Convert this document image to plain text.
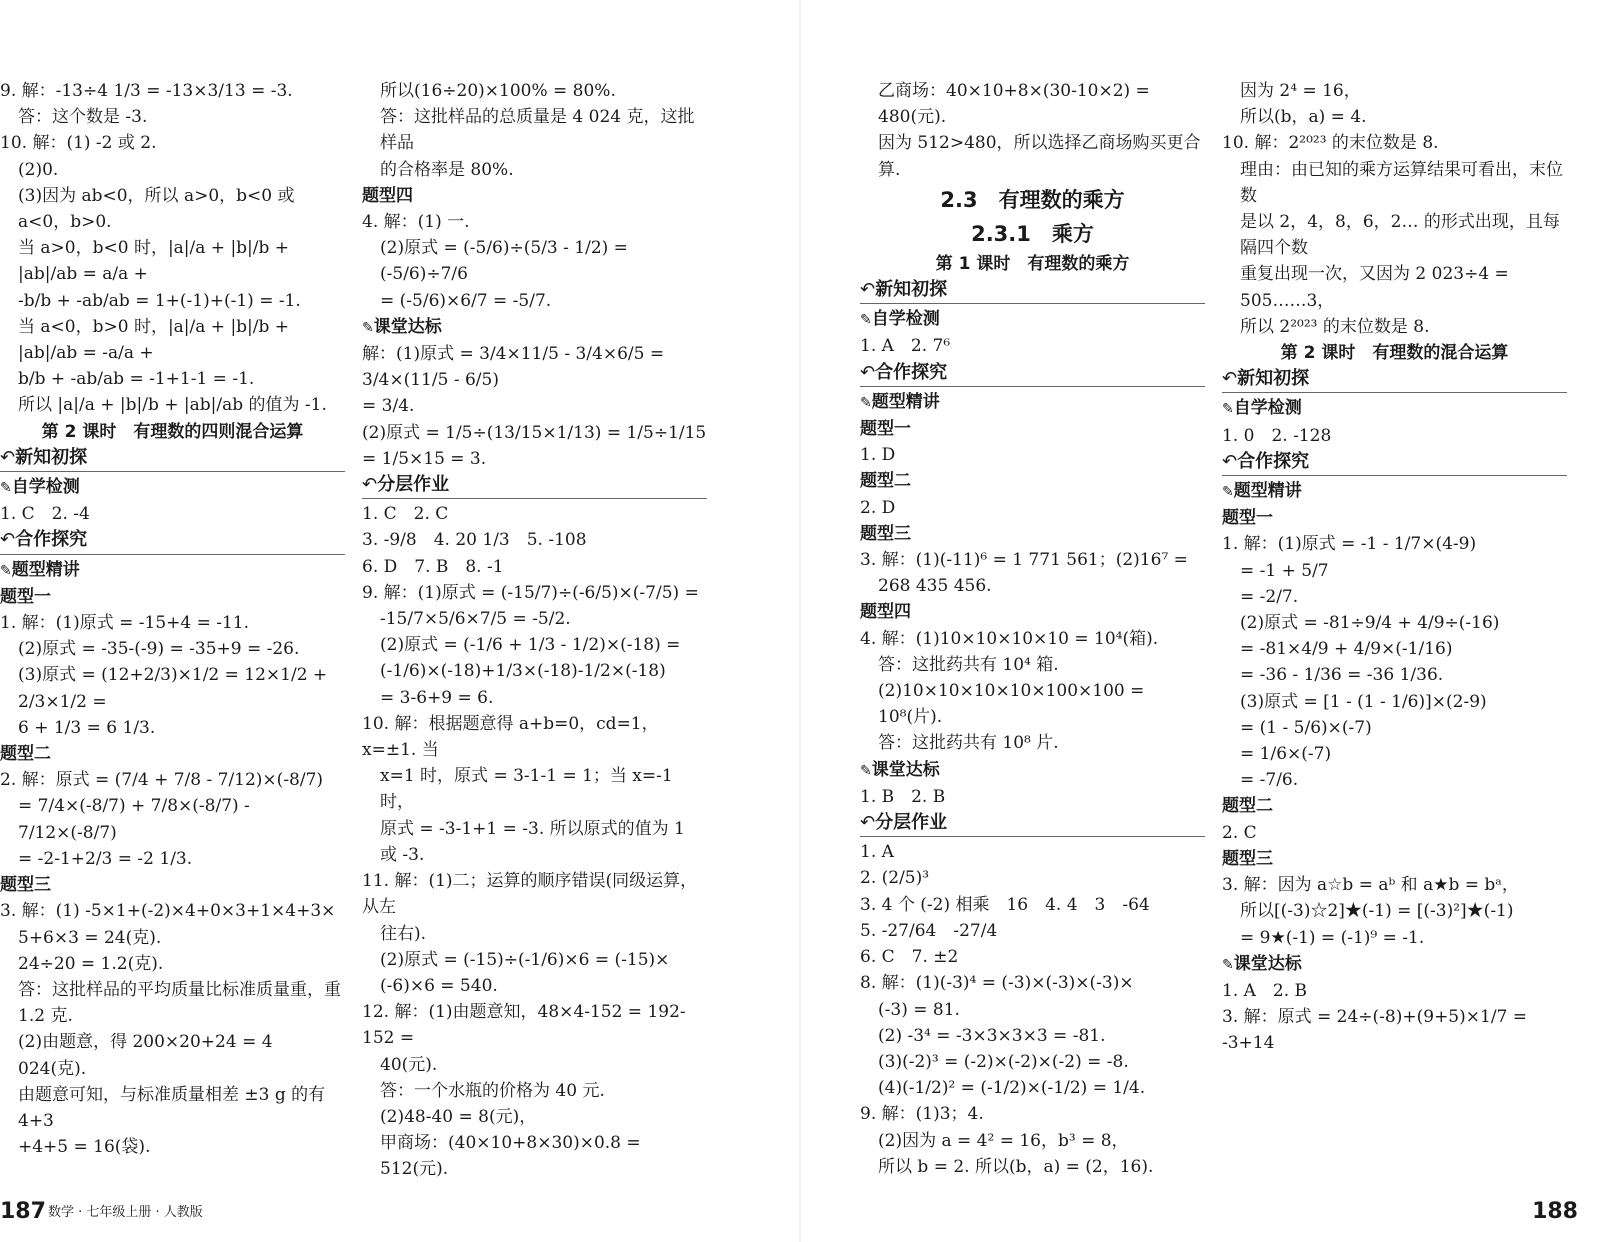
9. 解：-13÷4 1/3 = -13×3/13 = -3.
答：这个数是 -3.
10. 解：(1) -2 或 2.
(2)0.
(3)因为 ab<0，所以 a>0，b<0 或 a<0，b>0.
当 a>0，b<0 时，|a|/a + |b|/b + |ab|/ab = a/a +
-b/b + -ab/ab = 1+(-1)+(-1) = -1.
当 a<0，b>0 时，|a|/a + |b|/b + |ab|/ab = -a/a +
b/b + -ab/ab = -1+1-1 = -1.
所以 |a|/a + |b|/b + |ab|/ab 的值为 -1.
第 2 课时　有理数的四则混合运算
↶ 新知初探
✎ 自学检测
1. C　2. -4
↶ 合作探究
✎ 题型精讲
题型一
1. 解：(1)原式 = -15+4 = -11.
(2)原式 = -35-(-9) = -35+9 = -26.
(3)原式 = (12+2/3)×1/2 = 12×1/2 + 2/3×1/2 =
6 + 1/3 = 6 1/3.
题型二
2. 解：原式 = (7/4 + 7/8 - 7/12)×(-8/7)
= 7/4×(-8/7) + 7/8×(-8/7) - 7/12×(-8/7)
= -2-1+2/3 = -2 1/3.
题型三
3. 解：(1) -5×1+(-2)×4+0×3+1×4+3×
5+6×3 = 24(克).
24÷20 = 1.2(克).
答：这批样品的平均质量比标准质量重，重 1.2 克.
(2)由题意，得 200×20+24 = 4 024(克).
由题意可知，与标准质量相差 ±3 g 的有 4+3
+4+5 = 16(袋).
所以(16÷20)×100% = 80%.
答：这批样品的总质量是 4 024 克，这批样品
的合格率是 80%.
题型四
4. 解：(1) 一.
(2)原式 = (-5/6)÷(5/3 - 1/2) = (-5/6)÷7/6
= (-5/6)×6/7 = -5/7.
✎ 课堂达标
解：(1)原式 = 3/4×11/5 - 3/4×6/5 = 3/4×(11/5 - 6/5)
= 3/4.
(2)原式 = 1/5÷(13/15×1/13) = 1/5÷1/15 = 1/5×15 = 3.
↶ 分层作业
1. C　2. C
3. -9/8　4. 20 1/3　5. -108
6. D　7. B　8. -1
9. 解：(1)原式 = (-15/7)÷(-6/5)×(-7/5) =
-15/7×5/6×7/5 = -5/2.
(2)原式 = (-1/6 + 1/3 - 1/2)×(-18) =
(-1/6)×(-18)+1/3×(-18)-1/2×(-18)
= 3-6+9 = 6.
10. 解：根据题意得 a+b=0，cd=1，x=±1. 当
x=1 时，原式 = 3-1-1 = 1；当 x=-1 时，
原式 = -3-1+1 = -3. 所以原式的值为 1
或 -3.
11. 解：(1)二；运算的顺序错误(同级运算，从左
往右).
(2)原式 = (-15)÷(-1/6)×6 = (-15)×
(-6)×6 = 540.
12. 解：(1)由题意知，48×4-152 = 192-152 =
40(元).
答：一个水瓶的价格为 40 元.
(2)48-40 = 8(元)，
甲商场：(40×10+8×30)×0.8 = 512(元).
乙商场：40×10+8×(30-10×2) = 480(元).
因为 512>480，所以选择乙商场购买更合算.
2.3　有理数的乘方
2.3.1　乘方
第 1 课时　有理数的乘方
↶ 新知初探
✎ 自学检测
1. A　2. 7⁶
↶ 合作探究
✎ 题型精讲
题型一
1. D
题型二
2. D
题型三
3. 解：(1)(-11)⁶ = 1 771 561；(2)16⁷ =
268 435 456.
题型四
4. 解：(1)10×10×10×10 = 10⁴(箱).
答：这批药共有 10⁴ 箱.
(2)10×10×10×10×100×100 = 10⁸(片).
答：这批药共有 10⁸ 片.
✎ 课堂达标
1. B　2. B
↶ 分层作业
1. A
2. (2/5)³
3. 4 个 (-2) 相乘　16　4. 4　3　-64
5. -27/64　-27/4
6. C　7. ±2
8. 解：(1)(-3)⁴ = (-3)×(-3)×(-3)×
(-3) = 81.
(2) -3⁴ = -3×3×3×3 = -81.
(3)(-2)³ = (-2)×(-2)×(-2) = -8.
(4)(-1/2)² = (-1/2)×(-1/2) = 1/4.
9. 解：(1)3；4.
(2)因为 a = 4² = 16，b³ = 8，
所以 b = 2. 所以(b，a) = (2，16).
因为 2⁴ = 16，
所以(b，a) = 4.
10. 解：2²⁰²³ 的末位数是 8.
理由：由已知的乘方运算结果可看出，末位数
是以 2，4，8，6，2… 的形式出现，且每隔四个数
重复出现一次，又因为 2 023÷4 = 505……3，
所以 2²⁰²³ 的末位数是 8.
第 2 课时　有理数的混合运算
↶ 新知初探
✎ 自学检测
1. 0　2. -128
↶ 合作探究
✎ 题型精讲
题型一
1. 解：(1)原式 = -1 - 1/7×(4-9)
= -1 + 5/7
= -2/7.
(2)原式 = -81÷9/4 + 4/9÷(-16)
= -81×4/9 + 4/9×(-1/16)
= -36 - 1/36 = -36 1/36.
(3)原式 = [1 - (1 - 1/6)]×(2-9)
= (1 - 5/6)×(-7)
= 1/6×(-7)
= -7/6.
题型二
2. C
题型三
3. 解：因为 a☆b = aᵇ 和 a★b = bᵃ，
所以[(-3)☆2]★(-1) = [(-3)²]★(-1)
= 9★(-1) = (-1)⁹ = -1.
✎ 课堂达标
1. A　2. B
3. 解：原式 = 24÷(-8)+(9+5)×1/7 = -3+14
187 数学 · 七年级上册 · 人教版	188
